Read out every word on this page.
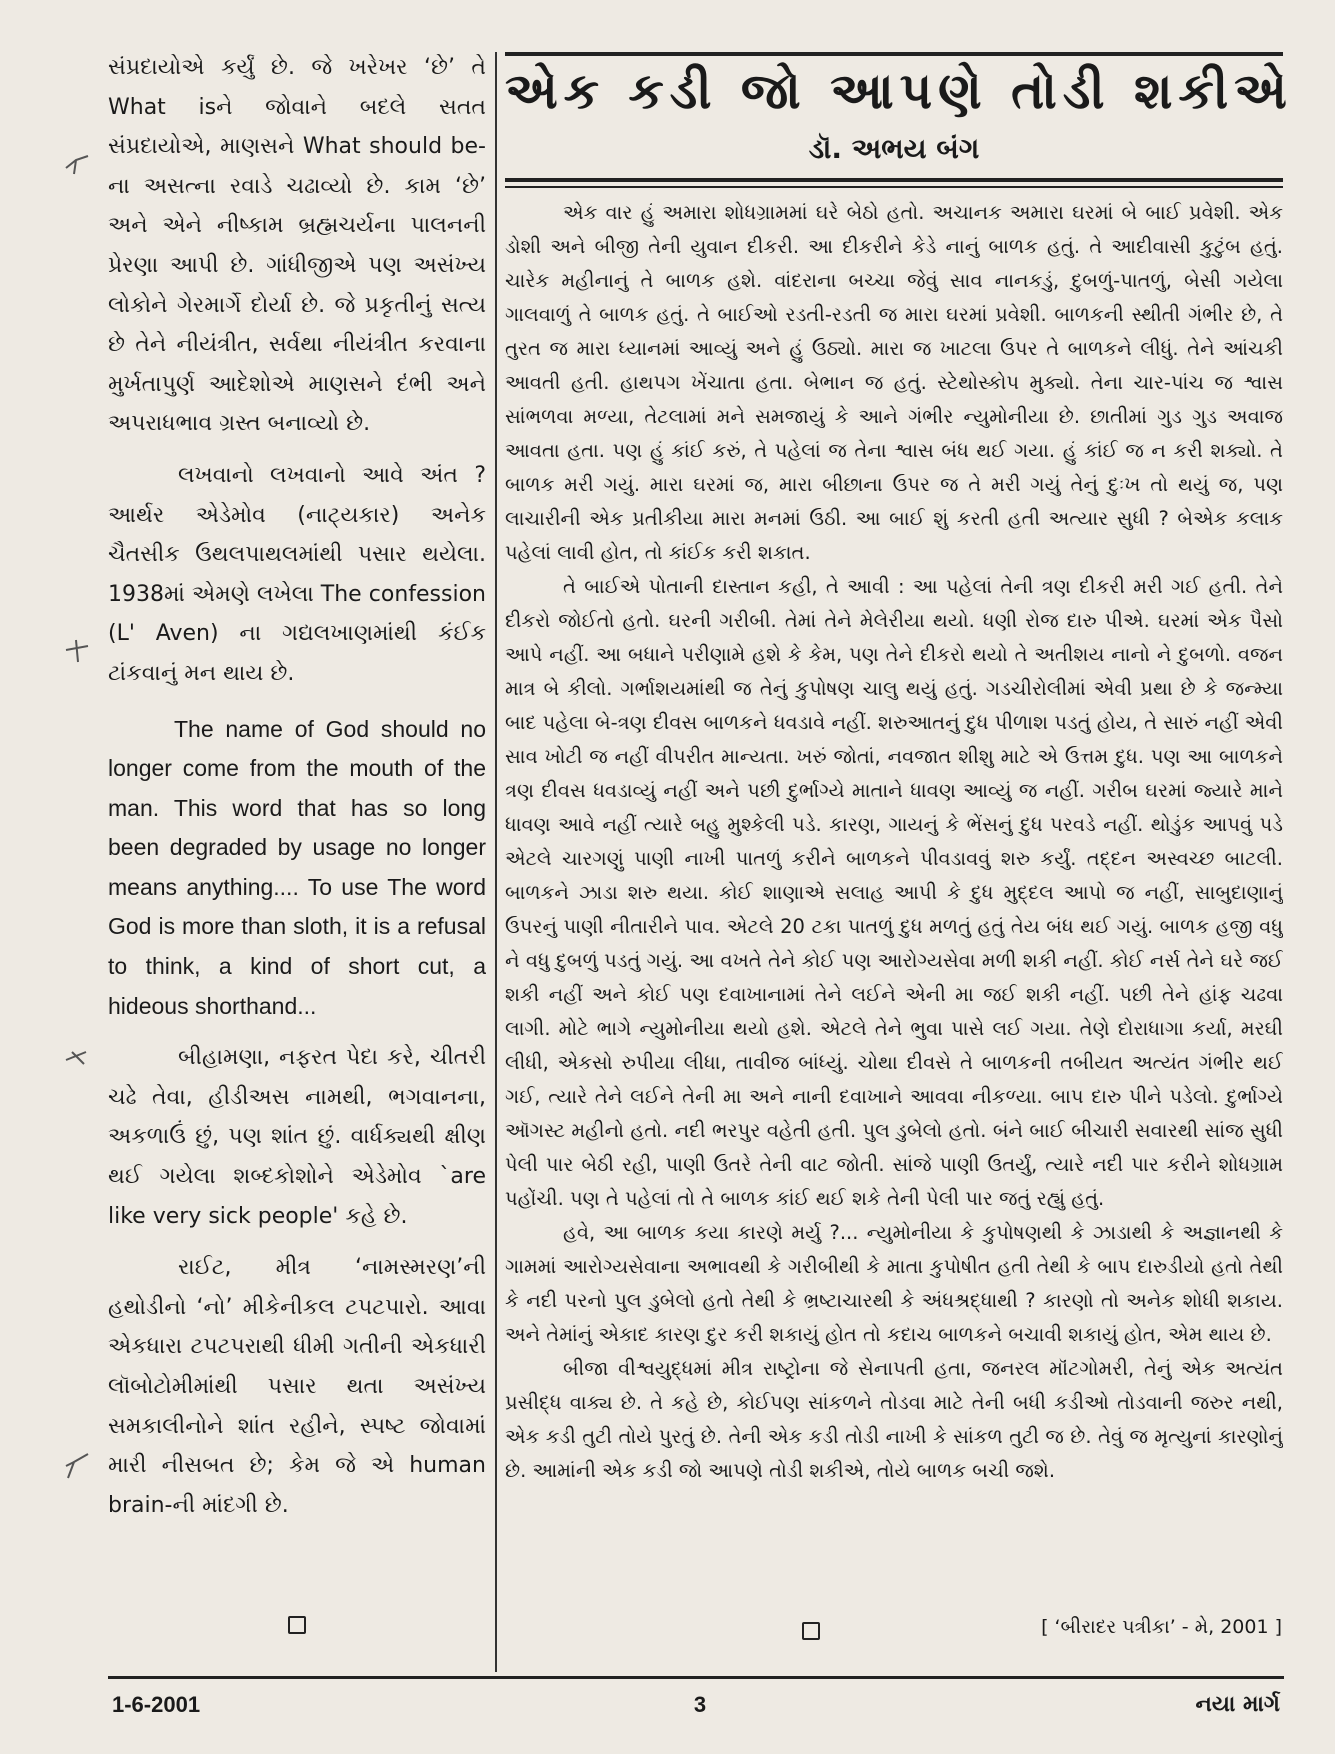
સંપ્રદાયોએ કર્યું છે. જે ખરેખર ‘છે’ તે What isને જોવાને બદલે સતત સંપ્રદાયોએ, માણસને What should be-ના અસત્ના રવાડે ચઢાવ્યો છે. કામ ‘છે’ અને એને નીષ્કામ બ્રહ્મચર્યના પાલનની પ્રેરણા આપી છે. ગાંધીજીએ પણ અસંખ્ય લોકોને ગેરમાર્ગે દોર્યા છે. જે પ્રકૃતીનું સત્ય છે તેને નીયંત્રીત, સર્વથા નીયંત્રીત કરવાના મુર્ખતાપુર્ણ આદેશોએ માણસને દંભી અને અપરાધભાવ ગ્રસ્ત બનાવ્યો છે.

લખવાનો લખવાનો આવે અંત ? આર્થર એડેમોવ (નાટ્યકાર) અનેક ચૈતસીક ઉથલપાથલમાંથી પસાર થયેલા. 1938માં એમણે લખેલા The confession (L' Aven) ના ગદ્યલખાણમાંથી કંઈક ટાંકવાનું મન થાય છે.

The name of God should no longer come from the mouth of the man. This word that has so long been degraded by usage no longer means anything.... To use The word God is more than sloth, it is a refusal to think, a kind of short cut, a hideous shorthand...

બીહામણા, નફરત પેદા કરે, ચીતરી ચઢે તેવા, હીડીઅસ નામથી, ભગવાનના, અકળાઉં છું, પણ શાંત છું. વાર્ધક્યથી ક્ષીણ થઈ ગયેલા શબ્દકોશોને એડેમોવ `are like very sick people' કહે છે.

રાઈટ, મીત્ર ‘નામસ્મરણ’ની હથોડીનો ‘નો’ મીકેનીકલ ટપટપારો. આવા એકધારા ટપટપરાથી ધીમી ગતીની એકધારી લૉબોટોમીમાંથી પસાર થતા અસંખ્ય સમકાલીનોને શાંત રહીને, સ્પષ્ટ જોવામાં મારી નીસબત છે; કેમ જે એ human brain-ની માંદગી છે.

એક કડી જો આપણે તોડી શકીએ
ડૉ. અભય બંગ

એક વાર હું અમારા શોધગ્રામમાં ઘરે બેઠો હતો. અચાનક અમારા ઘરમાં બે બાઈ પ્રવેશી. એક ડોશી અને બીજી તેની યુવાન દીકરી. આ દીકરીને કેડે નાનું બાળક હતું. તે આદીવાસી કુટુંબ હતું. ચારેક મહીનાનું તે બાળક હશે. વાંદરાના બચ્ચા જેવું સાવ નાનકડું, દુબળું-પાતળું, બેસી ગયેલા ગાલવાળું તે બાળક હતું. તે બાઈઓ રડતી-રડતી જ મારા ઘરમાં પ્રવેશી. બાળકની સ્થીતી ગંભીર છે, તે તુરત જ મારા ધ્યાનમાં આવ્યું અને હું ઉઠ્યો. મારા જ ખાટલા ઉપર તે બાળકને લીધું. તેને આંચકી આવતી હતી. હાથપગ ખેંચાતા હતા. બેભાન જ હતું. સ્ટેથોસ્કોપ મુક્યો. તેના ચાર-પાંચ જ શ્વાસ સાંભળવા મળ્યા, તેટલામાં મને સમજાયું કે આને ગંભીર ન્યુમોનીયા છે. છાતીમાં ગુડ ગુડ અવાજ આવતા હતા. પણ હું કાંઈ કરું, તે પહેલાં જ તેના શ્વાસ બંધ થઈ ગયા. હું કાંઈ જ ન કરી શક્યો. તે બાળક મરી ગયું. મારા ઘરમાં જ, મારા બીછાના ઉપર જ તે મરી ગયું તેનું દુઃખ તો થયું જ, પણ લાચારીની એક પ્રતીકીયા મારા મનમાં ઉઠી. આ બાઈ શું કરતી હતી અત્યાર સુધી ? બેએક કલાક પહેલાં લાવી હોત, તો કાંઈક કરી શકાત.

તે બાઈએ પોતાની દાસ્તાન કહી, તે આવી : આ પહેલાં તેની ત્રણ દીકરી મરી ગઈ હતી. તેને દીકરો જોઈતો હતો. ઘરની ગરીબી. તેમાં તેને મેલેરીયા થયો. ધણી રોજ દારુ પીએ. ઘરમાં એક પૈસો આપે નહીં. આ બધાને પરીણામે હશે કે કેમ, પણ તેને દીકરો થયો તે અતીશય નાનો ને દુબળો. વજન માત્ર બે કીલો. ગર્ભાશયમાંથી જ તેનું કુપોષણ ચાલુ થયું હતું. ગડચીરોલીમાં એવી પ્રથા છે કે જન્મ્યા બાદ પહેલા બે-ત્રણ દીવસ બાળકને ધવડાવે નહીં. શરુઆતનું દુધ પીળાશ પડતું હોય, તે સારું નહીં એવી સાવ ખોટી જ નહીં વીપરીત માન્યતા. ખરું જોતાં, નવજાત શીશુ માટે એ ઉત્તમ દુધ. પણ આ બાળકને ત્રણ દીવસ ધવડાવ્યું નહીં અને પછી દુર્ભાગ્યે માતાને ધાવણ આવ્યું જ નહીં. ગરીબ ઘરમાં જ્યારે માને ધાવણ આવે નહીં ત્યારે બહુ મુશ્કેલી પડે. કારણ, ગાયનું કે ભેંસનું દુધ પરવડે નહીં. થોડુંક આપવું પડે એટલે ચારગણું પાણી નાખી પાતળું કરીને બાળકને પીવડાવવું શરુ કર્યું. તદ્દન અસ્વચ્છ બાટલી. બાળકને ઝાડા શરુ થયા. કોઈ શાણાએ સલાહ આપી કે દુધ મુદ્દલ આપો જ નહીં, સાબુદાણાનું ઉપરનું પાણી નીતારીને પાવ. એટલે 20 ટકા પાતળું દુધ મળતું હતું તેય બંધ થઈ ગયું. બાળક હજી વધુ ને વધુ દુબળું પડતું ગયું. આ વખતે તેને કોઈ પણ આરોગ્યસેવા મળી શકી નહીં. કોઈ નર્સ તેને ઘરે જઈ શકી નહીં અને કોઈ પણ દવાખાનામાં તેને લઈને એની મા જઈ શકી નહીં. પછી તેને હાંફ ચઢવા લાગી. મોટે ભાગે ન્યુમોનીયા થયો હશે. એટલે તેને ભુવા પાસે લઈ ગયા. તેણે દોરાધાગા કર્યા, મરઘી લીધી, એકસો રુપીયા લીધા, તાવીજ બાંધ્યું. ચોથા દીવસે તે બાળકની તબીયત અત્યંત ગંભીર થઈ ગઈ, ત્યારે તેને લઈને તેની મા અને નાની દવાખાને આવવા નીકળ્યા. બાપ દારુ પીને પડેલો. દુર્ભાગ્યે ઑગસ્ટ મહીનો હતો. નદી ભરપુર વહેતી હતી. પુલ ડુબેલો હતો. બંને બાઈ બીચારી સવારથી સાંજ સુધી પેલી પાર બેઠી રહી, પાણી ઉતરે તેની વાટ જોતી. સાંજે પાણી ઉતર્યું, ત્યારે નદી પાર કરીને શોધગ્રામ પહોંચી. પણ તે પહેલાં તો તે બાળક કાંઈ થઈ શકે તેની પેલી પાર જતું રહ્યું હતું.

હવે, આ બાળક કયા કારણે મર્યુ ?... ન્યુમોનીયા કે કુપોષણથી કે ઝાડાથી કે અજ્ઞાનથી કે ગામમાં આરોગ્યસેવાના અભાવથી કે ગરીબીથી કે માતા કુપોષીત હતી તેથી કે બાપ દારુડીયો હતો તેથી કે નદી પરનો પુલ ડુબેલો હતો તેથી કે ભ્રષ્ટાચારથી કે અંધશ્રદ્ધાથી ? કારણો તો અનેક શોધી શકાય. અને તેમાંનું એકાદ કારણ દુર કરી શકાયું હોત તો કદાચ બાળકને બચાવી શકાયું હોત, એમ થાય છે.

બીજા વીશ્વયુદ્ધમાં મીત્ર રાષ્ટ્રોના જે સેનાપતી હતા, જનરલ મૉંટગોમરી, તેનું એક અત્યંત પ્રસીદ્ધ વાક્ય છે. તે કહે છે, કોઈપણ સાંકળને તોડવા માટે તેની બધી કડીઓ તોડવાની જરુર નથી, એક કડી તુટી તોયે પુરતું છે. તેની એક કડી તોડી નાખી કે સાંકળ તુટી જ છે. તેવું જ મૃત્યુનાં કારણોનું છે. આમાંની એક કડી જો આપણે તોડી શકીએ, તોયે બાળક બચી જશે.

[ ‘બીરાદર પત્રીકા’ - મે, 2001 ]
1-6-2001	3	નયા માર્ગ
